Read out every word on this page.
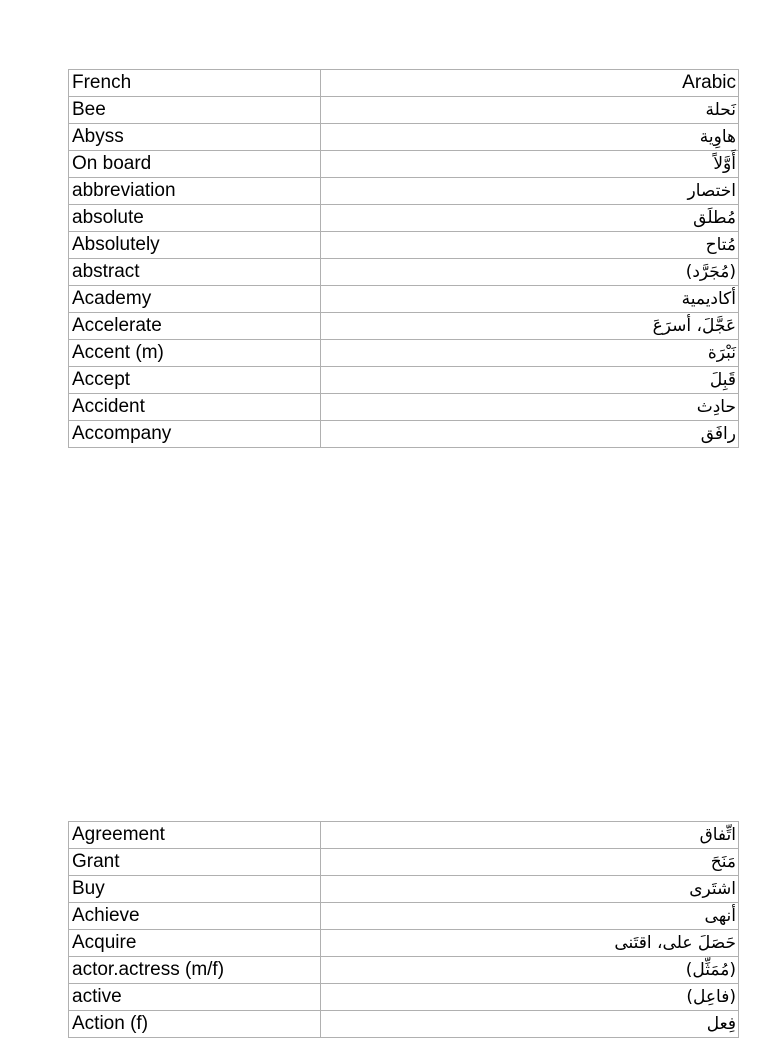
French	Arabic
Bee	نَحلة
Abyss	هاوِية
On board	أَوَّلاً
abbreviation	اختصار
absolute	مُطلَق
Absolutely	مُتاح
abstract	(مُجَرَّد)
Academy	أكاديمية
Accelerate	عَجَّلَ، أسرَعَ
Accent (m)	نَبْرَة
Accept	قَبِلَ
Accident	حادِث
Accompany	رافَق
Agreement	اتِّفاق
Grant	مَنَحَ
Buy	اشتَرى
Achieve	أنهى
Acquire	حَصَلَ على، اقتَنى
actor.actress (m/f)	(مُمَثِّل)
active	(فاعِل)
Action (f)	فِعل
